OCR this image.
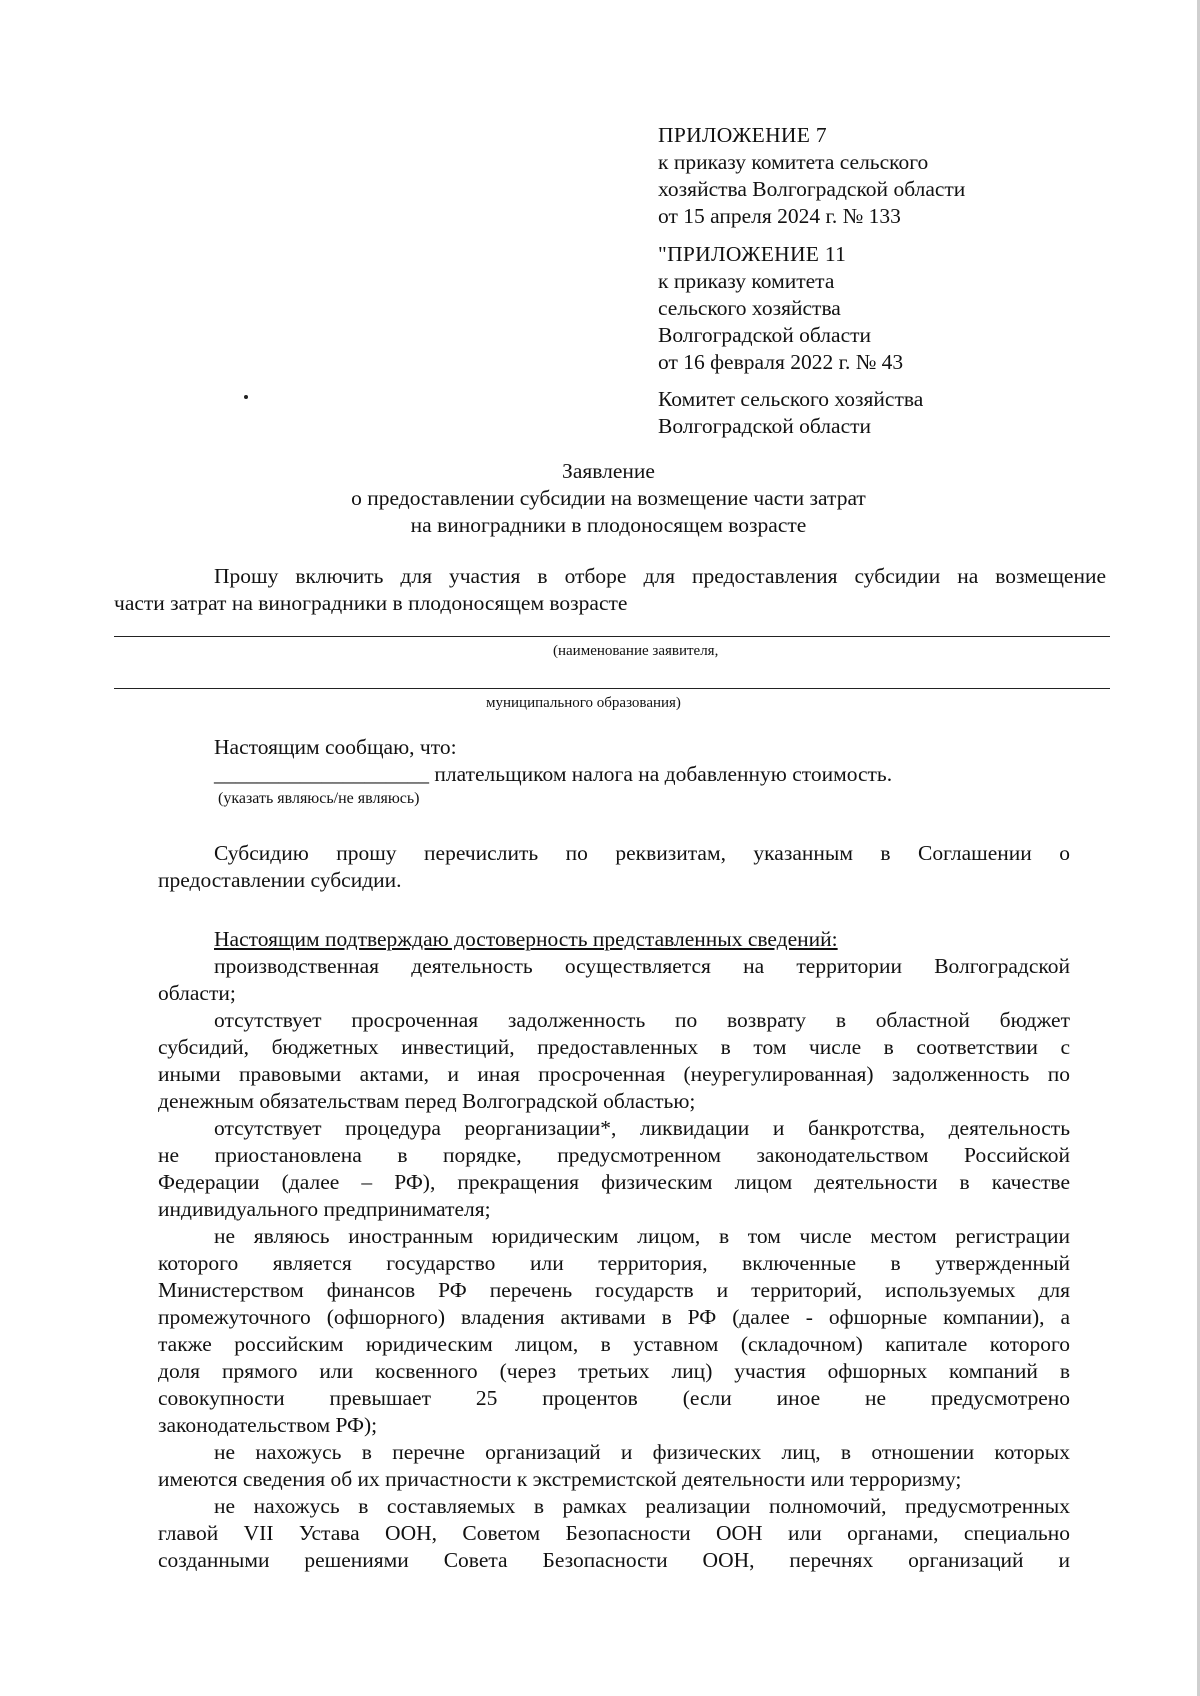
ПРИЛОЖЕНИЕ 7
к приказу комитета сельского
хозяйства Волгоградской области
от 15 апреля 2024 г. № 133
"ПРИЛОЖЕНИЕ 11
к приказу комитета
сельского хозяйства
Волгоградской области
от 16 февраля 2022 г. № 43
Комитет сельского хозяйства
Волгоградской области
Заявление
о предоставлении субсидии на возмещение части затрат
на виноградники в плодоносящем возрасте
Прошу включить для участия в отборе для предоставления субсидии на возмещение
части затрат на виноградники в плодоносящем возрасте
(наименование заявителя,
муниципального образования)
Настоящим сообщаю, что:
____________________ плательщиком налога на добавленную стоимость.
(указать являюсь/не являюсь)
Субсидию прошу перечислить по реквизитам, указанным в Соглашении о
предоставлении субсидии.
Настоящим подтверждаю достоверность представленных сведений:
производственная деятельность осуществляется на территории Волгоградской
области;
отсутствует просроченная задолженность по возврату в областной бюджет
субсидий, бюджетных инвестиций, предоставленных в том числе в соответствии с
иными правовыми актами, и иная просроченная (неурегулированная) задолженность по
денежным обязательствам перед Волгоградской областью;
отсутствует процедура реорганизации*, ликвидации и банкротства, деятельность
не приостановлена в порядке, предусмотренном законодательством Российской
Федерации (далее – РФ), прекращения физическим лицом деятельности в качестве
индивидуального предпринимателя;
не являюсь иностранным юридическим лицом, в том числе местом регистрации
которого является государство или территория, включенные в утвержденный
Министерством финансов РФ перечень государств и территорий, используемых для
промежуточного (офшорного) владения активами в РФ (далее - офшорные компании), а
также российским юридическим лицом, в уставном (складочном) капитале которого
доля прямого или косвенного (через третьих лиц) участия офшорных компаний в
совокупности превышает 25 процентов (если иное не предусмотрено
законодательством РФ);
не нахожусь в перечне организаций и физических лиц, в отношении которых
имеются сведения об их причастности к экстремистской деятельности или терроризму;
не нахожусь в составляемых в рамках реализации полномочий, предусмотренных
главой VII Устава ООН, Советом Безопасности ООН или органами, специально
созданными решениями Совета Безопасности ООН, перечнях организаций и
